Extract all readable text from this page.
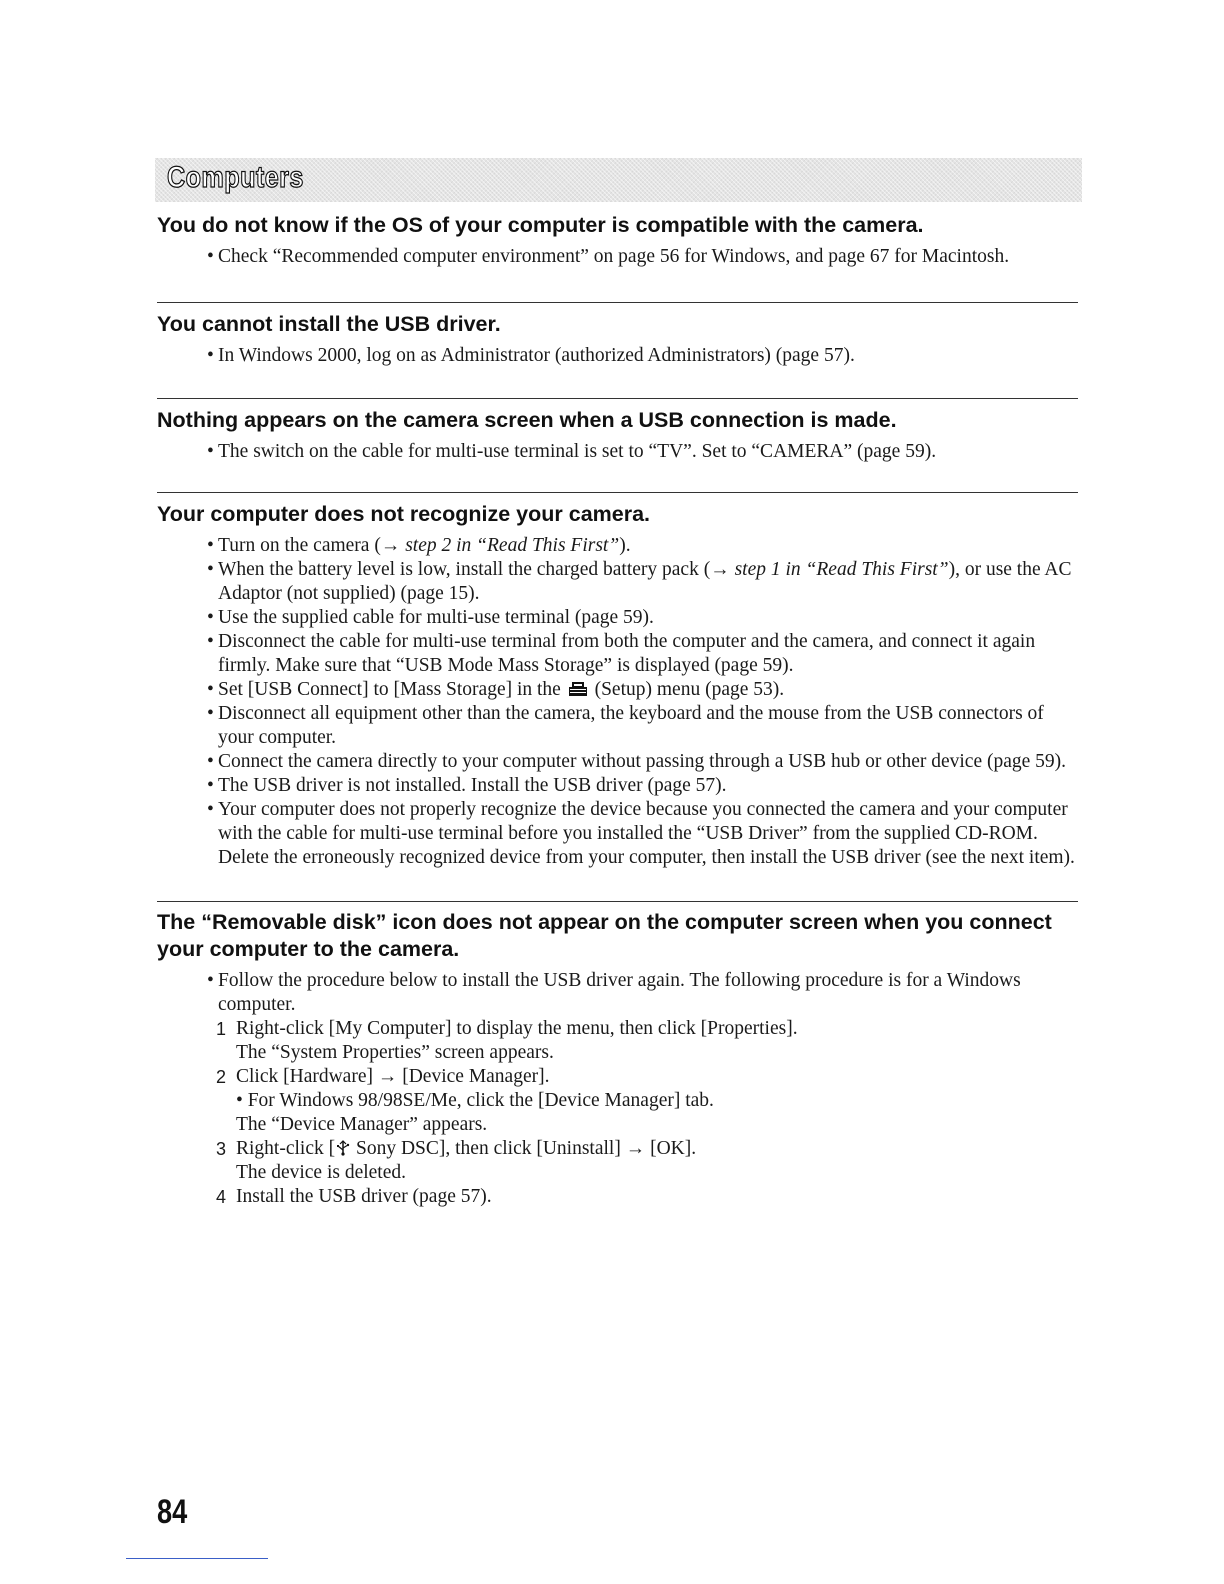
Computers

You do not know if the OS of your computer is compatible with the camera.

• Check “Recommended computer environment” on page 56 for Windows, and page 67 for Macintosh.

You cannot install the USB driver.

• In Windows 2000, log on as Administrator (authorized Administrators) (page 57).

Nothing appears on the camera screen when a USB connection is made.

• The switch on the cable for multi-use terminal is set to “TV”. Set to “CAMERA” (page 59).

Your computer does not recognize your camera.

• Turn on the camera (→ step 2 in “Read This First”).
• When the battery level is low, install the charged battery pack (→ step 1 in “Read This First”), or use the AC Adaptor (not supplied) (page 15).
• Use the supplied cable for multi-use terminal (page 59).
• Disconnect the cable for multi-use terminal from both the computer and the camera, and connect it again firmly. Make sure that “USB Mode Mass Storage” is displayed (page 59).
• Set [USB Connect] to [Mass Storage] in the (Setup) menu (page 53).
• Disconnect all equipment other than the camera, the keyboard and the mouse from the USB connectors of your computer.
• Connect the camera directly to your computer without passing through a USB hub or other device (page 59).
• The USB driver is not installed. Install the USB driver (page 57).
• Your computer does not properly recognize the device because you connected the camera and your computer with the cable for multi-use terminal before you installed the “USB Driver” from the supplied CD-ROM. Delete the erroneously recognized device from your computer, then install the USB driver (see the next item).

The “Removable disk” icon does not appear on the computer screen when you connect your computer to the camera.

• Follow the procedure below to install the USB driver again. The following procedure is for a Windows computer.
1 Right-click [My Computer] to display the menu, then click [Properties].
The “System Properties” screen appears.
2 Click [Hardware] → [Device Manager].
• For Windows 98/98SE/Me, click the [Device Manager] tab.
The “Device Manager” appears.
3 Right-click [ Sony DSC], then click [Uninstall] → [OK].
The device is deleted.
4 Install the USB driver (page 57).
84
